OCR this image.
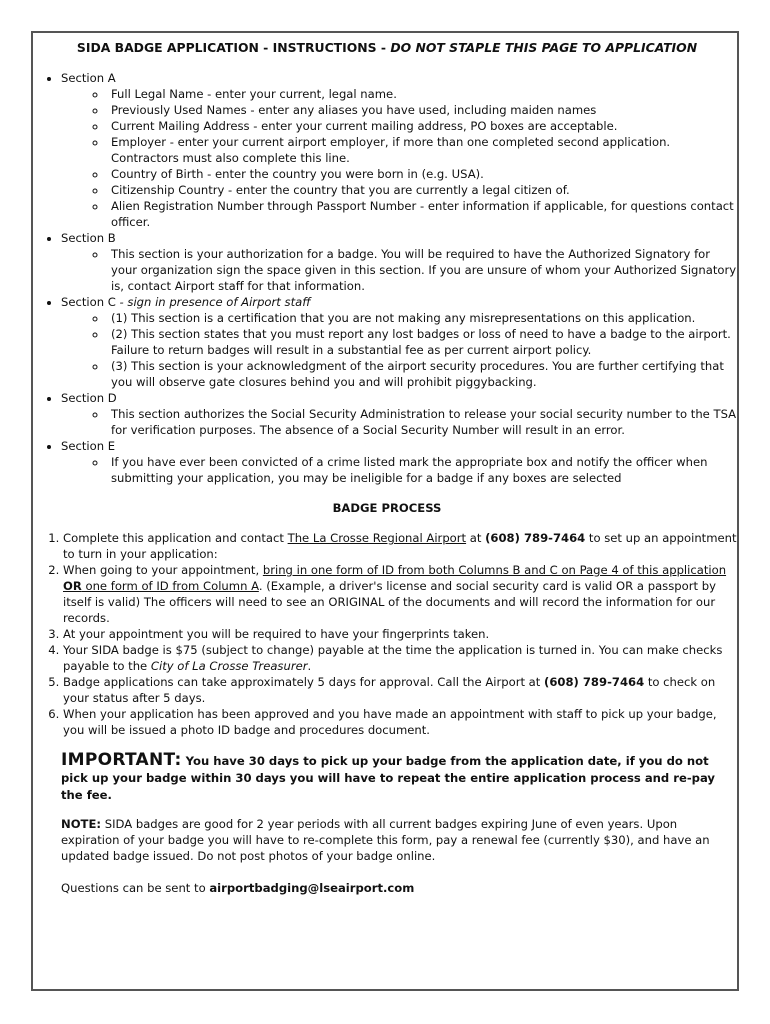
SIDA BADGE APPLICATION - INSTRUCTIONS - DO NOT STAPLE THIS PAGE TO APPLICATION
• Section A
◦ Full Legal Name - enter your current, legal name.
◦ Previously Used Names - enter any aliases you have used, including maiden names
◦ Current Mailing Address - enter your current mailing address, PO boxes are acceptable.
◦ Employer - enter your current airport employer, if more than one completed second application. Contractors must also complete this line.
◦ Country of Birth - enter the country you were born in (e.g. USA).
◦ Citizenship Country - enter the country that you are currently a legal citizen of.
◦ Alien Registration Number through Passport Number - enter information if applicable, for questions contact officer.
• Section B
◦ This section is your authorization for a badge. You will be required to have the Authorized Signatory for your organization sign the space given in this section. If you are unsure of whom your Authorized Signatory is, contact Airport staff for that information.
• Section C - sign in presence of Airport staff
◦ (1) This section is a certification that you are not making any misrepresentations on this application.
◦ (2) This section states that you must report any lost badges or loss of need to have a badge to the airport. Failure to return badges will result in a substantial fee as per current airport policy.
◦ (3) This section is your acknowledgment of the airport security procedures. You are further certifying that you will observe gate closures behind you and will prohibit piggybacking.
• Section D
◦ This section authorizes the Social Security Administration to release your social security number to the TSA for verification purposes. The absence of a Social Security Number will result in an error.
• Section E
◦ If you have ever been convicted of a crime listed mark the appropriate box and notify the officer when submitting your application, you may be ineligible for a badge if any boxes are selected
BADGE PROCESS
1. Complete this application and contact The La Crosse Regional Airport at (608) 789-7464 to set up an appointment to turn in your application:
2. When going to your appointment, bring in one form of ID from both Columns B and C on Page 4 of this application OR one form of ID from Column A. (Example, a driver's license and social security card is valid OR a passport by itself is valid) The officers will need to see an ORIGINAL of the documents and will record the information for our records.
3. At your appointment you will be required to have your fingerprints taken.
4. Your SIDA badge is $75 (subject to change) payable at the time the application is turned in. You can make checks payable to the City of La Crosse Treasurer.
5. Badge applications can take approximately 5 days for approval. Call the Airport at (608) 789-7464 to check on your status after 5 days.
6. When your application has been approved and you have made an appointment with staff to pick up your badge, you will be issued a photo ID badge and procedures document.
IMPORTANT: You have 30 days to pick up your badge from the application date, if you do not pick up your badge within 30 days you will have to repeat the entire application process and re-pay the fee.
NOTE: SIDA badges are good for 2 year periods with all current badges expiring June of even years. Upon expiration of your badge you will have to re-complete this form, pay a renewal fee (currently $30), and have an updated badge issued. Do not post photos of your badge online.
Questions can be sent to airportbadging@lseairport.com
